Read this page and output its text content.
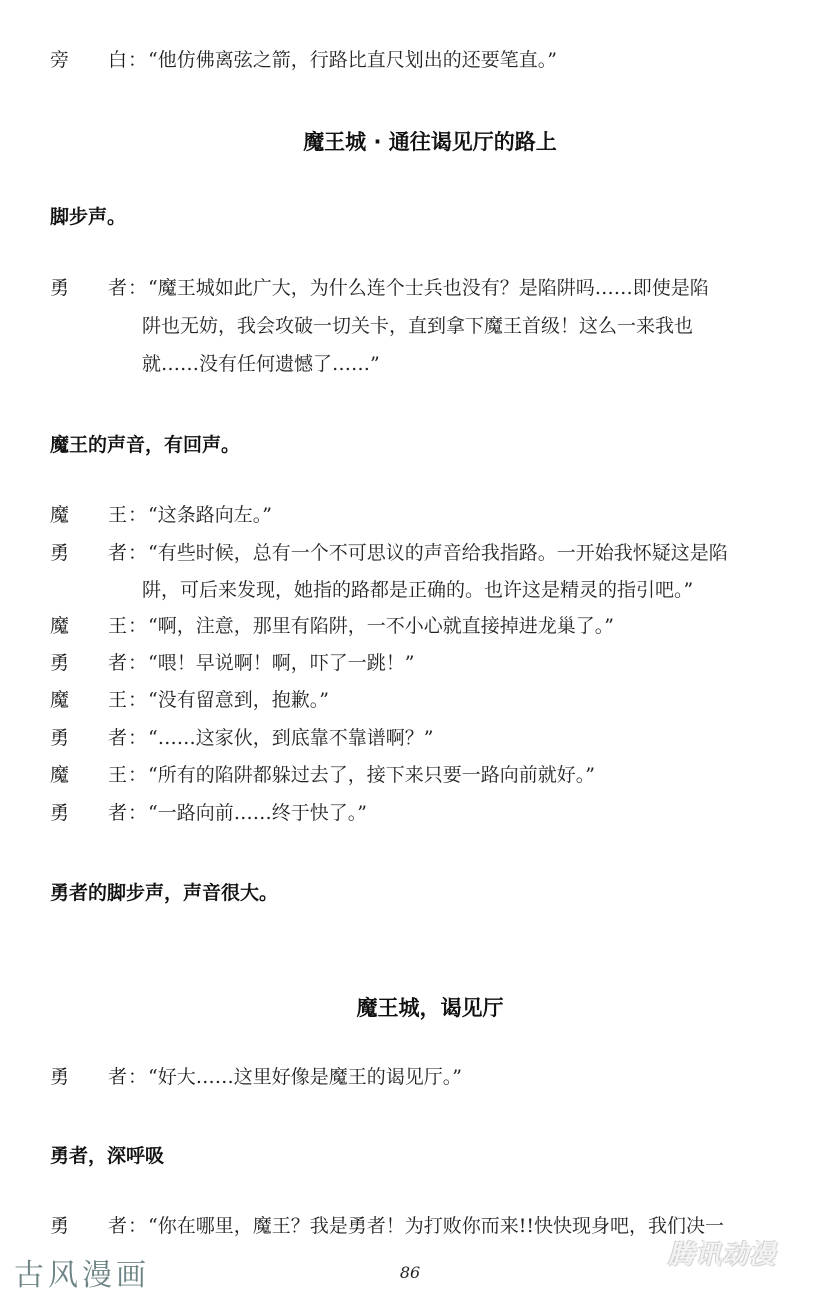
旁 白 ： “他仿佛离弦之箭，行路比直尺划出的还要笔直。”
魔王城 · 通往谒见厅的路上
脚步声。
勇 者 ： “魔王城如此广大，为什么连个士兵也没有？是陷阱吗……即使是陷
阱也无妨，我会攻破一切关卡，直到拿下魔王首级！这么一来我也
就……没有任何遗憾了……”
魔王的声音，有回声。
魔 王 ： “这条路向左。”
勇 者 ： “有些时候，总有一个不可思议的声音给我指路。一开始我怀疑这是陷
阱，可后来发现，她指的路都是正确的。也许这是精灵的指引吧。”
魔 王 ： “啊，注意，那里有陷阱，一不小心就直接掉进龙巢了。”
勇 者 ： “喂！早说啊！啊，吓了一跳！”
魔 王 ： “没有留意到，抱歉。”
勇 者 ： “……这家伙，到底靠不靠谱啊？”
魔 王 ： “所有的陷阱都躲过去了，接下来只要一路向前就好。”
勇 者 ： “一路向前……终于快了。”
勇者的脚步声，声音很大。
魔王城，谒见厅
勇 者 ： “好大……这里好像是魔王的谒见厅。”
勇者，深呼吸
勇 者 ： “你在哪里，魔王？我是勇者！为打败你而来!!快快现身吧，我们决一
古风漫画
腾讯动漫
86
